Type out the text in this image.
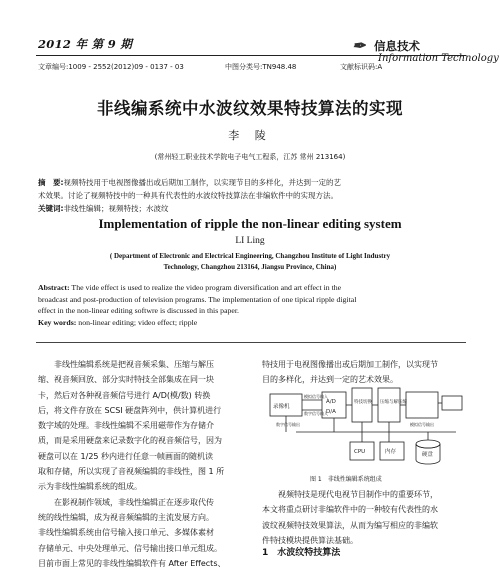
2012 年 第 9 期	✒ 信息技术
Information Technology
文章编号:1009 - 2552(2012)09 - 0137 - 03	中图分类号:TN948.48	文献标识码:A
非线编系统中水波纹效果特技算法的实现
李 陵
(常州轻工职业技术学院电子电气工程系，江苏 常州 213164)
摘　要:视频特技用于电视图像播出或后期加工制作，以实现节目的多样化，并达到一定的艺
术效果。讨论了视频特技中的一种具有代表性的水波纹特技算法在非编软件中的实现方法。
关键词:非线性编辑；视频特技；水波纹
Implementation of ripple the non-linear editing system
LI Ling
( Department of Electronic and Electrical Engineering, Changzhou Institute of Light Industry
Technology, Changzhou 213164, Jiangsu Province, China)
Abstract: The vide effect is used to realize the video program diversification and art effect in the
broadcast and post-production of television programs. The implementation of one tipical ripple digital
effect in the non-linear editing softwre is discussed in this paper.
Key words: non-linear editing; video effect; ripple
　　非线性编辑系统是把视音频采集、压缩与解压
缩、视音频回放、部分实时特技全部集成在同一块
卡，然后对各种视音频信号进行 A/D(模/数) 转换
后，将文件存放在 SCSI 硬盘阵列中，供计算机进行
数字域的处理。非线性编辑不采用磁带作为存储介
质，而是采用硬盘来记录数字化的视音频信号，因为
硬盘可以在 1/25 秒内进行任意一帧画面的随机读
取和存储，所以实现了音视频编辑的非线性，图 1 所
示为非线性编辑系统的组成。
　　在影视制作领域，非线性编辑正在逐步取代传
统的线性编辑，成为视音频编辑的主流发展方向。
非线性编辑系统由信号输入接口单元、多媒体素材
存储单元、中央处理单元、信号输出接口单元组成。
目前市面上常见的非线性编辑软件有 After Effects、
特技用于电视图像播出或后期加工制作，以实现节
目的多样化，并达到一定的艺术效果。
录像机
模拟信号输入
数字信号输入
A/D
D/A
特技切换 压缩与解压缩
模拟信号输出
数字信号输出
CPU	内存	硬盘
图 1　非线性编辑系统组成
　　视频特技是现代电视节目制作中的重要环节，
本文将重点研讨非编软件中的一种较有代表性的水
波纹视频特技效果算法，从而为编写相应的非编软
件特技模块提供算法基础。
1　水波纹特技算法
